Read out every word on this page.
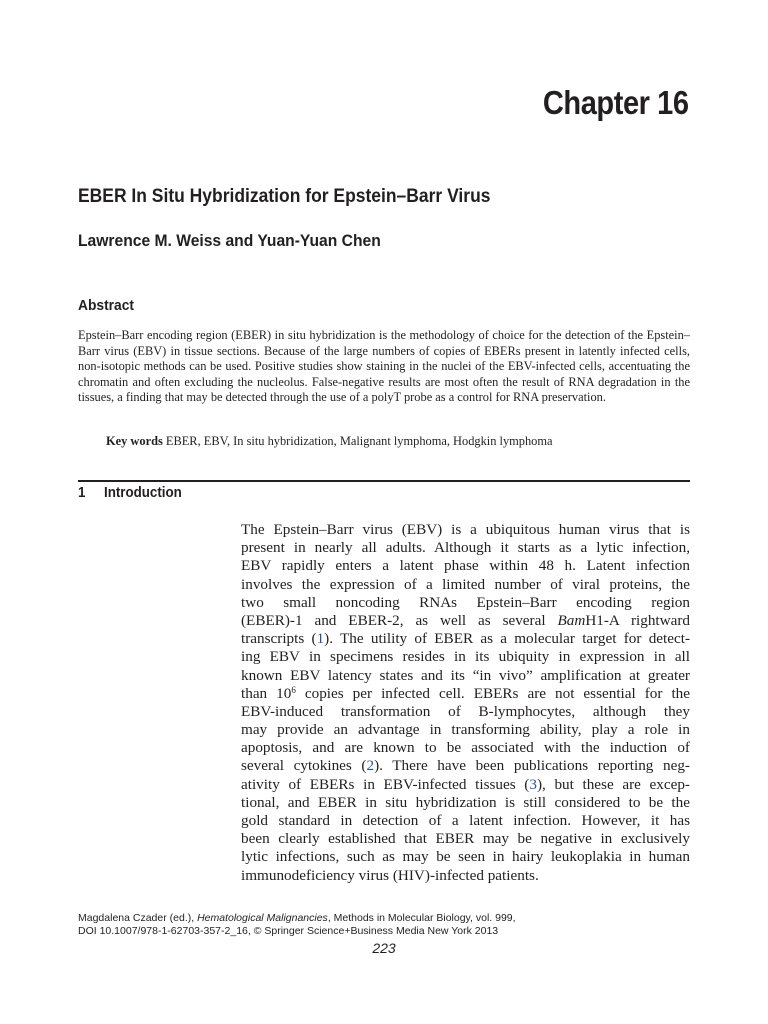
Chapter 16
EBER In Situ Hybridization for Epstein–Barr Virus
Lawrence M. Weiss and Yuan-Yuan Chen
Abstract
Epstein–Barr encoding region (EBER) in situ hybridization is the methodology of choice for the detection of the Epstein–Barr virus (EBV) in tissue sections. Because of the large numbers of copies of EBERs present in latently infected cells, non-isotopic methods can be used. Positive studies show staining in the nuclei of the EBV-infected cells, accentuating the chromatin and often excluding the nucleolus. False-negative results are most often the result of RNA degradation in the tissues, a finding that may be detected through the use of a polyT probe as a control for RNA preservation.
Key words EBER, EBV, In situ hybridization, Malignant lymphoma, Hodgkin lymphoma
1 Introduction
The Epstein–Barr virus (EBV) is a ubiquitous human virus that is
present in nearly all adults. Although it starts as a lytic infection,
EBV rapidly enters a latent phase within 48 h. Latent infection
involves the expression of a limited number of viral proteins, the
two small noncoding RNAs Epstein–Barr encoding region
(EBER)-1 and EBER-2, as well as several BamH1-A rightward
transcripts (1). The utility of EBER as a molecular target for detect-
ing EBV in specimens resides in its ubiquity in expression in all
known EBV latency states and its “in vivo” amplification at greater
than $10^6$ copies per infected cell. EBERs are not essential for the
EBV-induced transformation of B-lymphocytes, although they
may provide an advantage in transforming ability, play a role in
apoptosis, and are known to be associated with the induction of
several cytokines (2). There have been publications reporting neg-
ativity of EBERs in EBV-infected tissues (3), but these are excep-
tional, and EBER in situ hybridization is still considered to be the
gold standard in detection of a latent infection. However, it has
been clearly established that EBER may be negative in exclusively
lytic infections, such as may be seen in hairy leukoplakia in human
immunodeficiency virus (HIV)-infected patients.
Magdalena Czader (ed.), Hematological Malignancies, Methods in Molecular Biology, vol. 999,
DOI 10.1007/978-1-62703-357-2_16, © Springer Science+Business Media New York 2013
223
